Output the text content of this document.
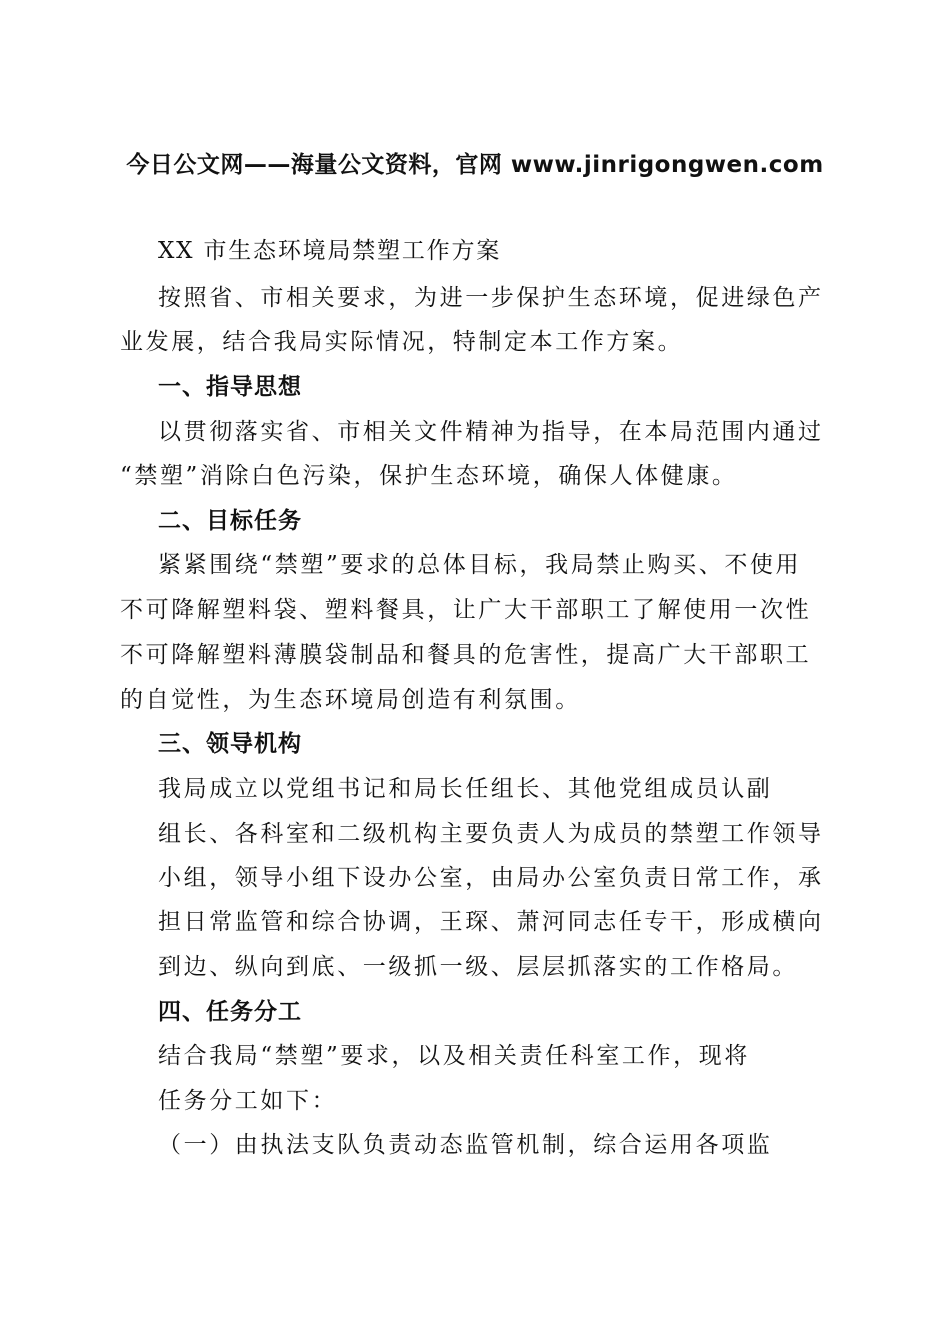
今日公文网——海量公文资料，官网 www.jinrigongwen.com
XX 市生态环境局禁塑工作方案
按照省、市相关要求，为进一步保护生态环境，促进绿色产
业发展，结合我局实际情况，特制定本工作方案。
一、指导思想
以贯彻落实省、市相关文件精神为指导，在本局范围内通过
“禁塑”消除白色污染，保护生态环境，确保人体健康。
二、目标任务
紧紧围绕“禁塑”要求的总体目标，我局禁止购买、不使用
不可降解塑料袋、塑料餐具，让广大干部职工了解使用一次性
不可降解塑料薄膜袋制品和餐具的危害性，提高广大干部职工
的自觉性，为生态环境局创造有利氛围。
三、领导机构
我局成立以党组书记和局长任组长、其他党组成员认副
组长、各科室和二级机构主要负责人为成员的禁塑工作领导
小组，领导小组下设办公室，由局办公室负责日常工作，承
担日常监管和综合协调，王琛、萧河同志任专干，形成横向
到边、纵向到底、一级抓一级、层层抓落实的工作格局。
四、任务分工
结合我局“禁塑”要求，以及相关责任科室工作，现将
任务分工如下：
（一）由执法支队负责动态监管机制，综合运用各项监
